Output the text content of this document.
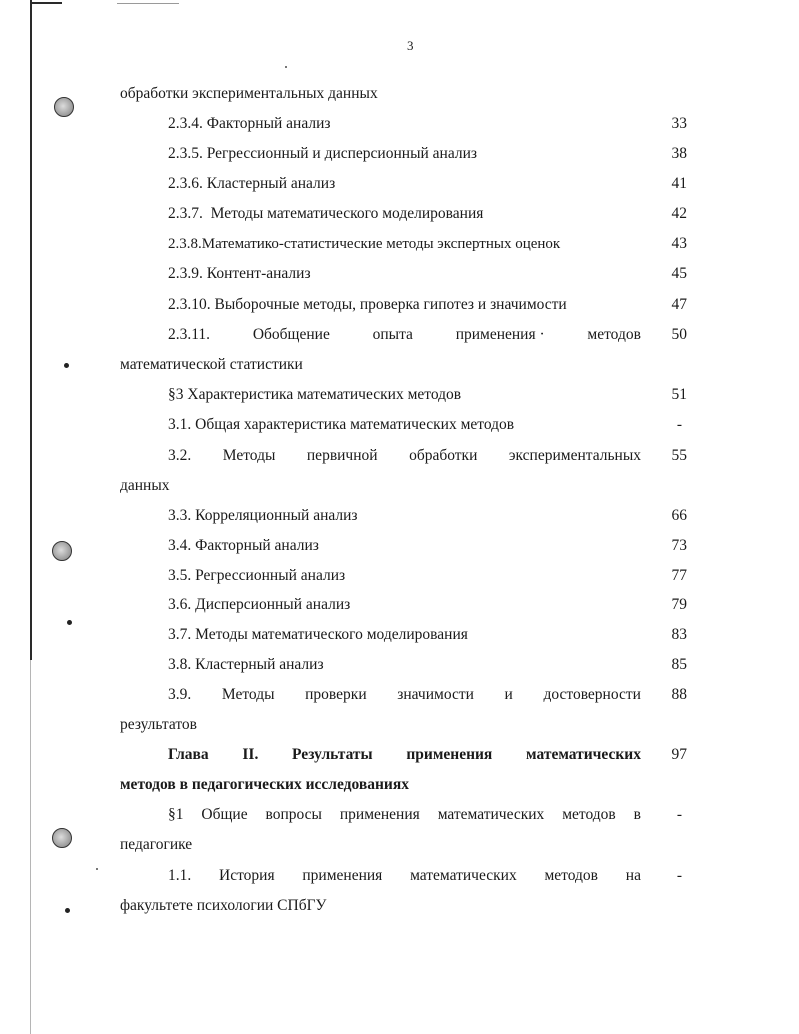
3
обработки экспериментальных данных
2.3.4. Факторный анализ	33
2.3.5. Регрессионный и дисперсионный анализ	38
2.3.6. Кластерный анализ	41
2.3.7.  Методы математического моделирования	42
2.3.8.Математико-статистические методы экспертных оценок	43
2.3.9. Контент-анализ	45
2.3.10. Выборочные методы, проверка гипотез и значимости	47
2.3.11.	Обобщение	опыта	применения ·	методов	50
математической статистики
§3 Характеристика математических методов	51
3.1. Общая характеристика математических методов	-
3.2. Методы первичной обработки экспериментальных	55
данных
3.3. Корреляционный анализ	66
3.4. Факторный анализ	73
3.5. Регрессионный анализ	77
3.6. Дисперсионный анализ	79
3.7. Методы математического моделирования	83
3.8. Кластерный анализ	85
3.9. Методы проверки значимости и достоверности	88
результатов
Глава II. Результаты применения математических	97
методов в педагогических исследованиях
§1 Общие вопросы применения математических методов в	-
педагогике
1.1. История применения математических методов на	-
факультете психологии СПбГУ
